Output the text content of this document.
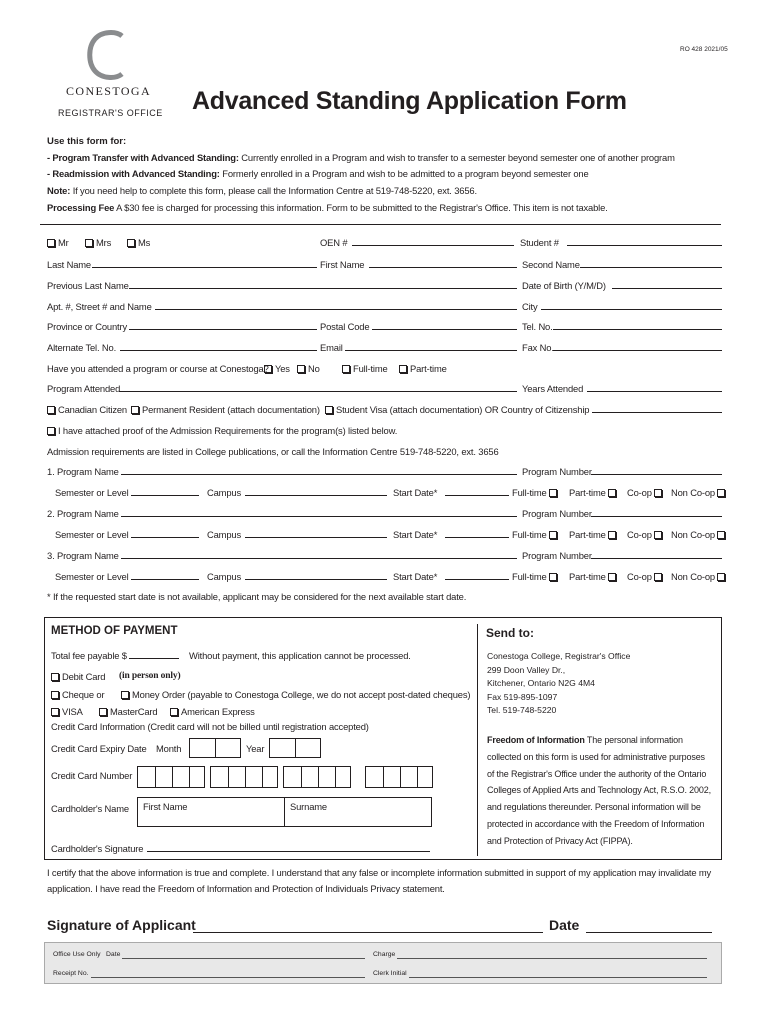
CONESTOGA
REGISTRAR'S OFFICE
RO 428 2021/05
Advanced Standing Application Form
Use this form for:
- Program Transfer with Advanced Standing: Currently enrolled in a Program and wish to transfer to a semester beyond semester one of another program
- Readmission with Advanced Standing: Formerly enrolled in a Program and wish to be admitted to a program beyond semester one
Note: If you need help to complete this form, please call the Information Centre at 519-748-5220, ext. 3656.
Processing Fee A $30 fee is charged for processing this information. Form to be submitted to the Registrar's Office. This item is not taxable.
Mr	Mrs	Ms	OEN #	Student #
Last Name	First Name	Second Name
Previous Last Name	Date of Birth (Y/M/D)
Apt. #, Street # and Name	City
Province or Country	Postal Code	Tel. No.
Alternate Tel. No.	Email	Fax No.
Have you attended a program or course at Conestoga? Yes	No	Full-time	Part-time
Program Attended	Years Attended
Canadian Citizen	Permanent Resident (attach documentation)	Student Visa (attach documentation) OR Country of Citizenship
I have attached proof of the Admission Requirements for the program(s) listed below.
Admission requirements are listed in College publications, or call the Information Centre 519-748-5220, ext. 3656
1. Program Name	Program Number
Semester or Level	Campus	Start Date*	Full-time	Part-time	Co-op	Non Co-op
2. Program Name	Program Number
Semester or Level	Campus	Start Date*	Full-time	Part-time	Co-op	Non Co-op
3. Program Name	Program Number
Semester or Level	Campus	Start Date*	Full-time	Part-time	Co-op	Non Co-op
* If the requested start date is not available, applicant may be considered for the next available start date.
METHOD OF PAYMENT
Total fee payable $	Without payment, this application cannot be processed.
Debit Card (in person only)
Cheque or	Money Order (payable to Conestoga College, we do not accept post-dated cheques)
VISA	MasterCard	American Express
Credit Card Information (Credit card will not be billed until registration accepted)
Credit Card Expiry Date Month	Year
Credit Card Number
Cardholder's Name First Name	Surname
Cardholder's Signature
Send to:
Conestoga College, Registrar's Office
299 Doon Valley Dr.,
Kitchener, Ontario N2G 4M4
Fax 519-895-1097
Tel. 519-748-5220
Freedom of Information The personal information
collected on this form is used for administrative purposes
of the Registrar's Office under the authority of the Ontario
Colleges of Applied Arts and Technology Act, R.S.O. 2002,
and regulations thereunder. Personal information will be
protected in accordance with the Freedom of Information
and Protection of Privacy Act (FIPPA).
I certify that the above information is true and complete. I understand that any false or incomplete information submitted in support of my application may invalidate my
application. I have read the Freedom of Information and Protection of Individuals Privacy statement.
Signature of Applicant	Date
Office Use Only Date	Charge
Receipt No.	Clerk Initial
